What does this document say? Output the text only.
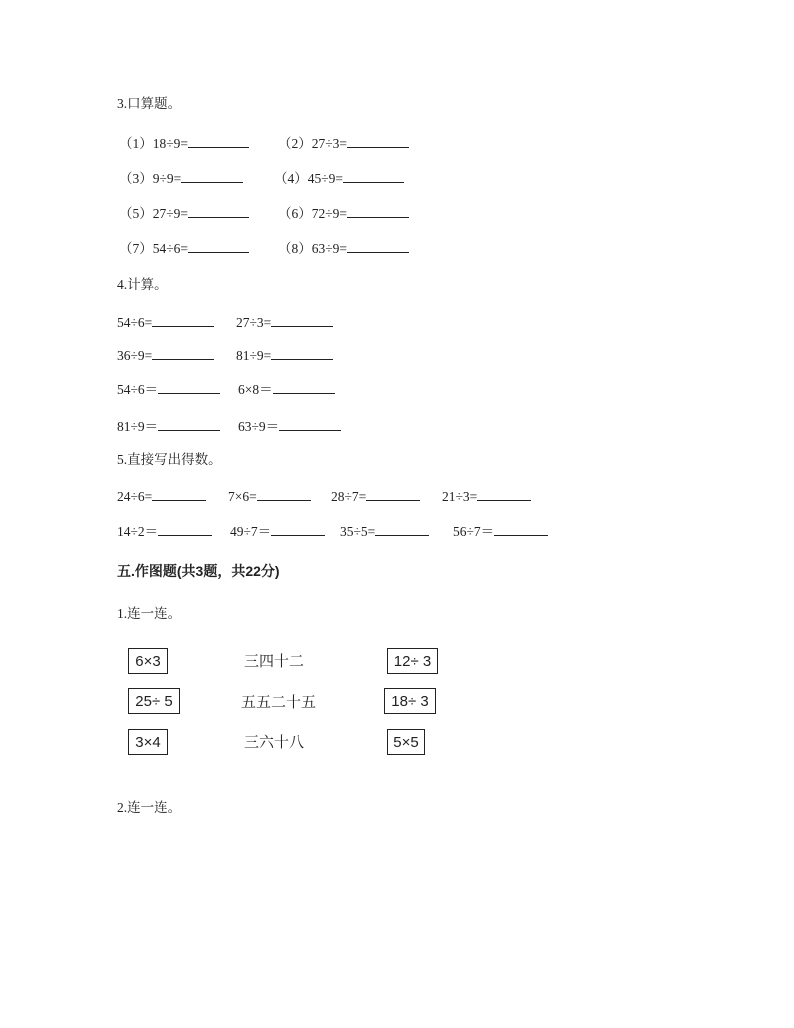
3.口算题。
（1）18÷9=	（2）27÷3=
（3）9÷9=	（4）45÷9=
（5）27÷9=	（6）72÷9=
（7）54÷6=	（8）63÷9=
4.计算。
54÷6=	27÷3=
36÷9=	81÷9=
54÷6＝	6×8＝
81÷9＝	63÷9＝
5.直接写出得数。
24÷6=	7×6=	28÷7=	21÷3=
14÷2＝	49÷7＝	35÷5=	56÷7＝
五.作图题(共3题，共22分)
1.连一连。
6×3
25÷ 5
3×4
三四十二
五五二十五
三六十八
12÷ 3
18÷ 3
5×5
2.连一连。
